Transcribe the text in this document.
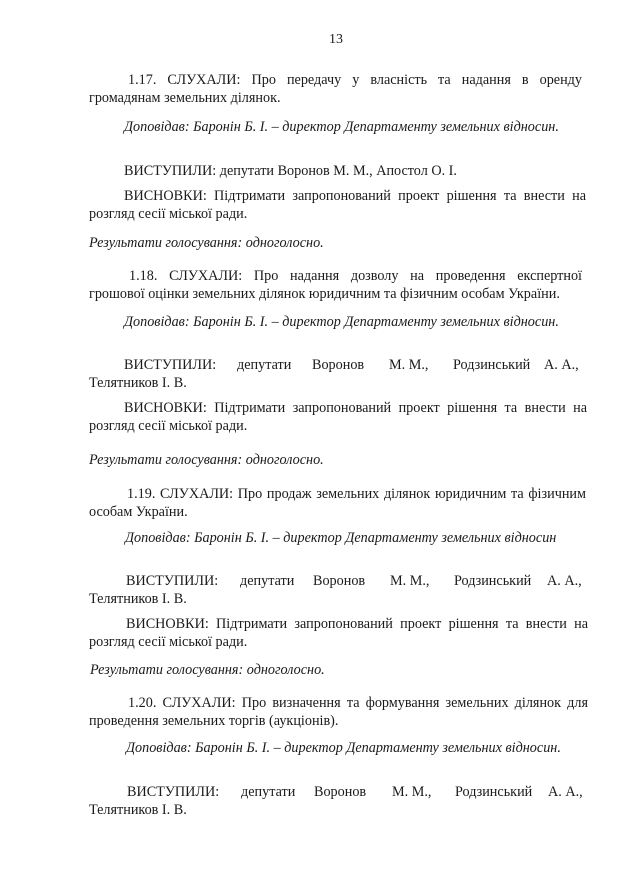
13
1.17. СЛУХАЛИ: Про передачу у власність та надання в оренду
громадянам земельних ділянок.
Доповідав: Баронін Б. І. – директор Департаменту земельних відносин.
ВИСТУПИЛИ: депутати Воронов М. М., Апостол О. І.
ВИСНОВКИ: Підтримати запропонований проект рішення та внести на
розгляд сесії міської ради.
Результати голосування: одноголосно.
1.18. СЛУХАЛИ: Про надання дозволу на проведення експертної
грошової оцінки земельних ділянок юридичним та фізичним особам України.
Доповідав: Баронін Б. І. – директор Департаменту земельних відносин.
ВИСТУПИЛИ: депутати Воронов М. М., Родзинський А. А.,
Телятников І. В.
ВИСНОВКИ: Підтримати запропонований проект рішення та внести на
розгляд сесії міської ради.
Результати голосування: одноголосно.
1.19. СЛУХАЛИ: Про продаж земельних ділянок юридичним та фізичним
особам України.
Доповідав: Баронін Б. І. – директор Департаменту земельних відносин
ВИСТУПИЛИ: депутати Воронов М. М., Родзинський А. А.,
Телятников І. В.
ВИСНОВКИ: Підтримати запропонований проект рішення та внести на
розгляд сесії міської ради.
Результати голосування: одноголосно.
1.20. СЛУХАЛИ: Про визначення та формування земельних ділянок для
проведення земельних торгів (аукціонів).
Доповідав: Баронін Б. І. – директор Департаменту земельних відносин.
ВИСТУПИЛИ: депутати Воронов М. М., Родзинський А. А.,
Телятников І. В.
